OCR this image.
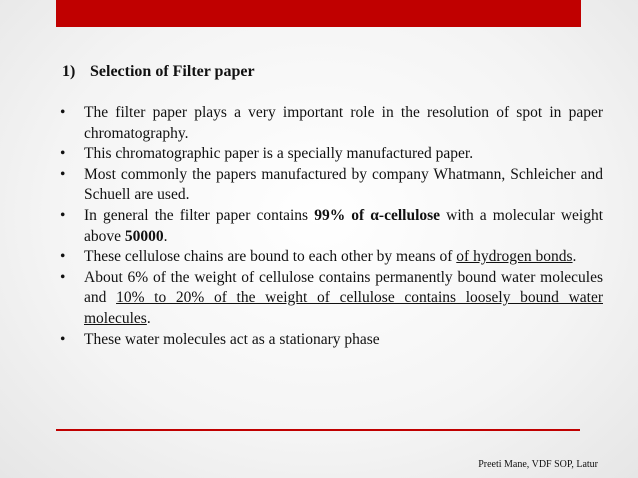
1) Selection of Filter paper
•	The filter paper plays a very important role in the resolution of spot in paper chromatography.
•	This chromatographic paper is a specially manufactured paper.
•	Most commonly the papers manufactured by company Whatmann, Schleicher and Schuell are used.
•	In general the filter paper contains 99% of α-cellulose with a molecular weight above 50000.
•	These cellulose chains are bound to each other by means of of hydrogen bonds.
•	About 6% of the weight of cellulose contains permanently bound water molecules and 10% to 20% of the weight of cellulose contains loosely bound water molecules.
•	These water molecules act as a stationary phase
Preeti Mane, VDF SOP, Latur
